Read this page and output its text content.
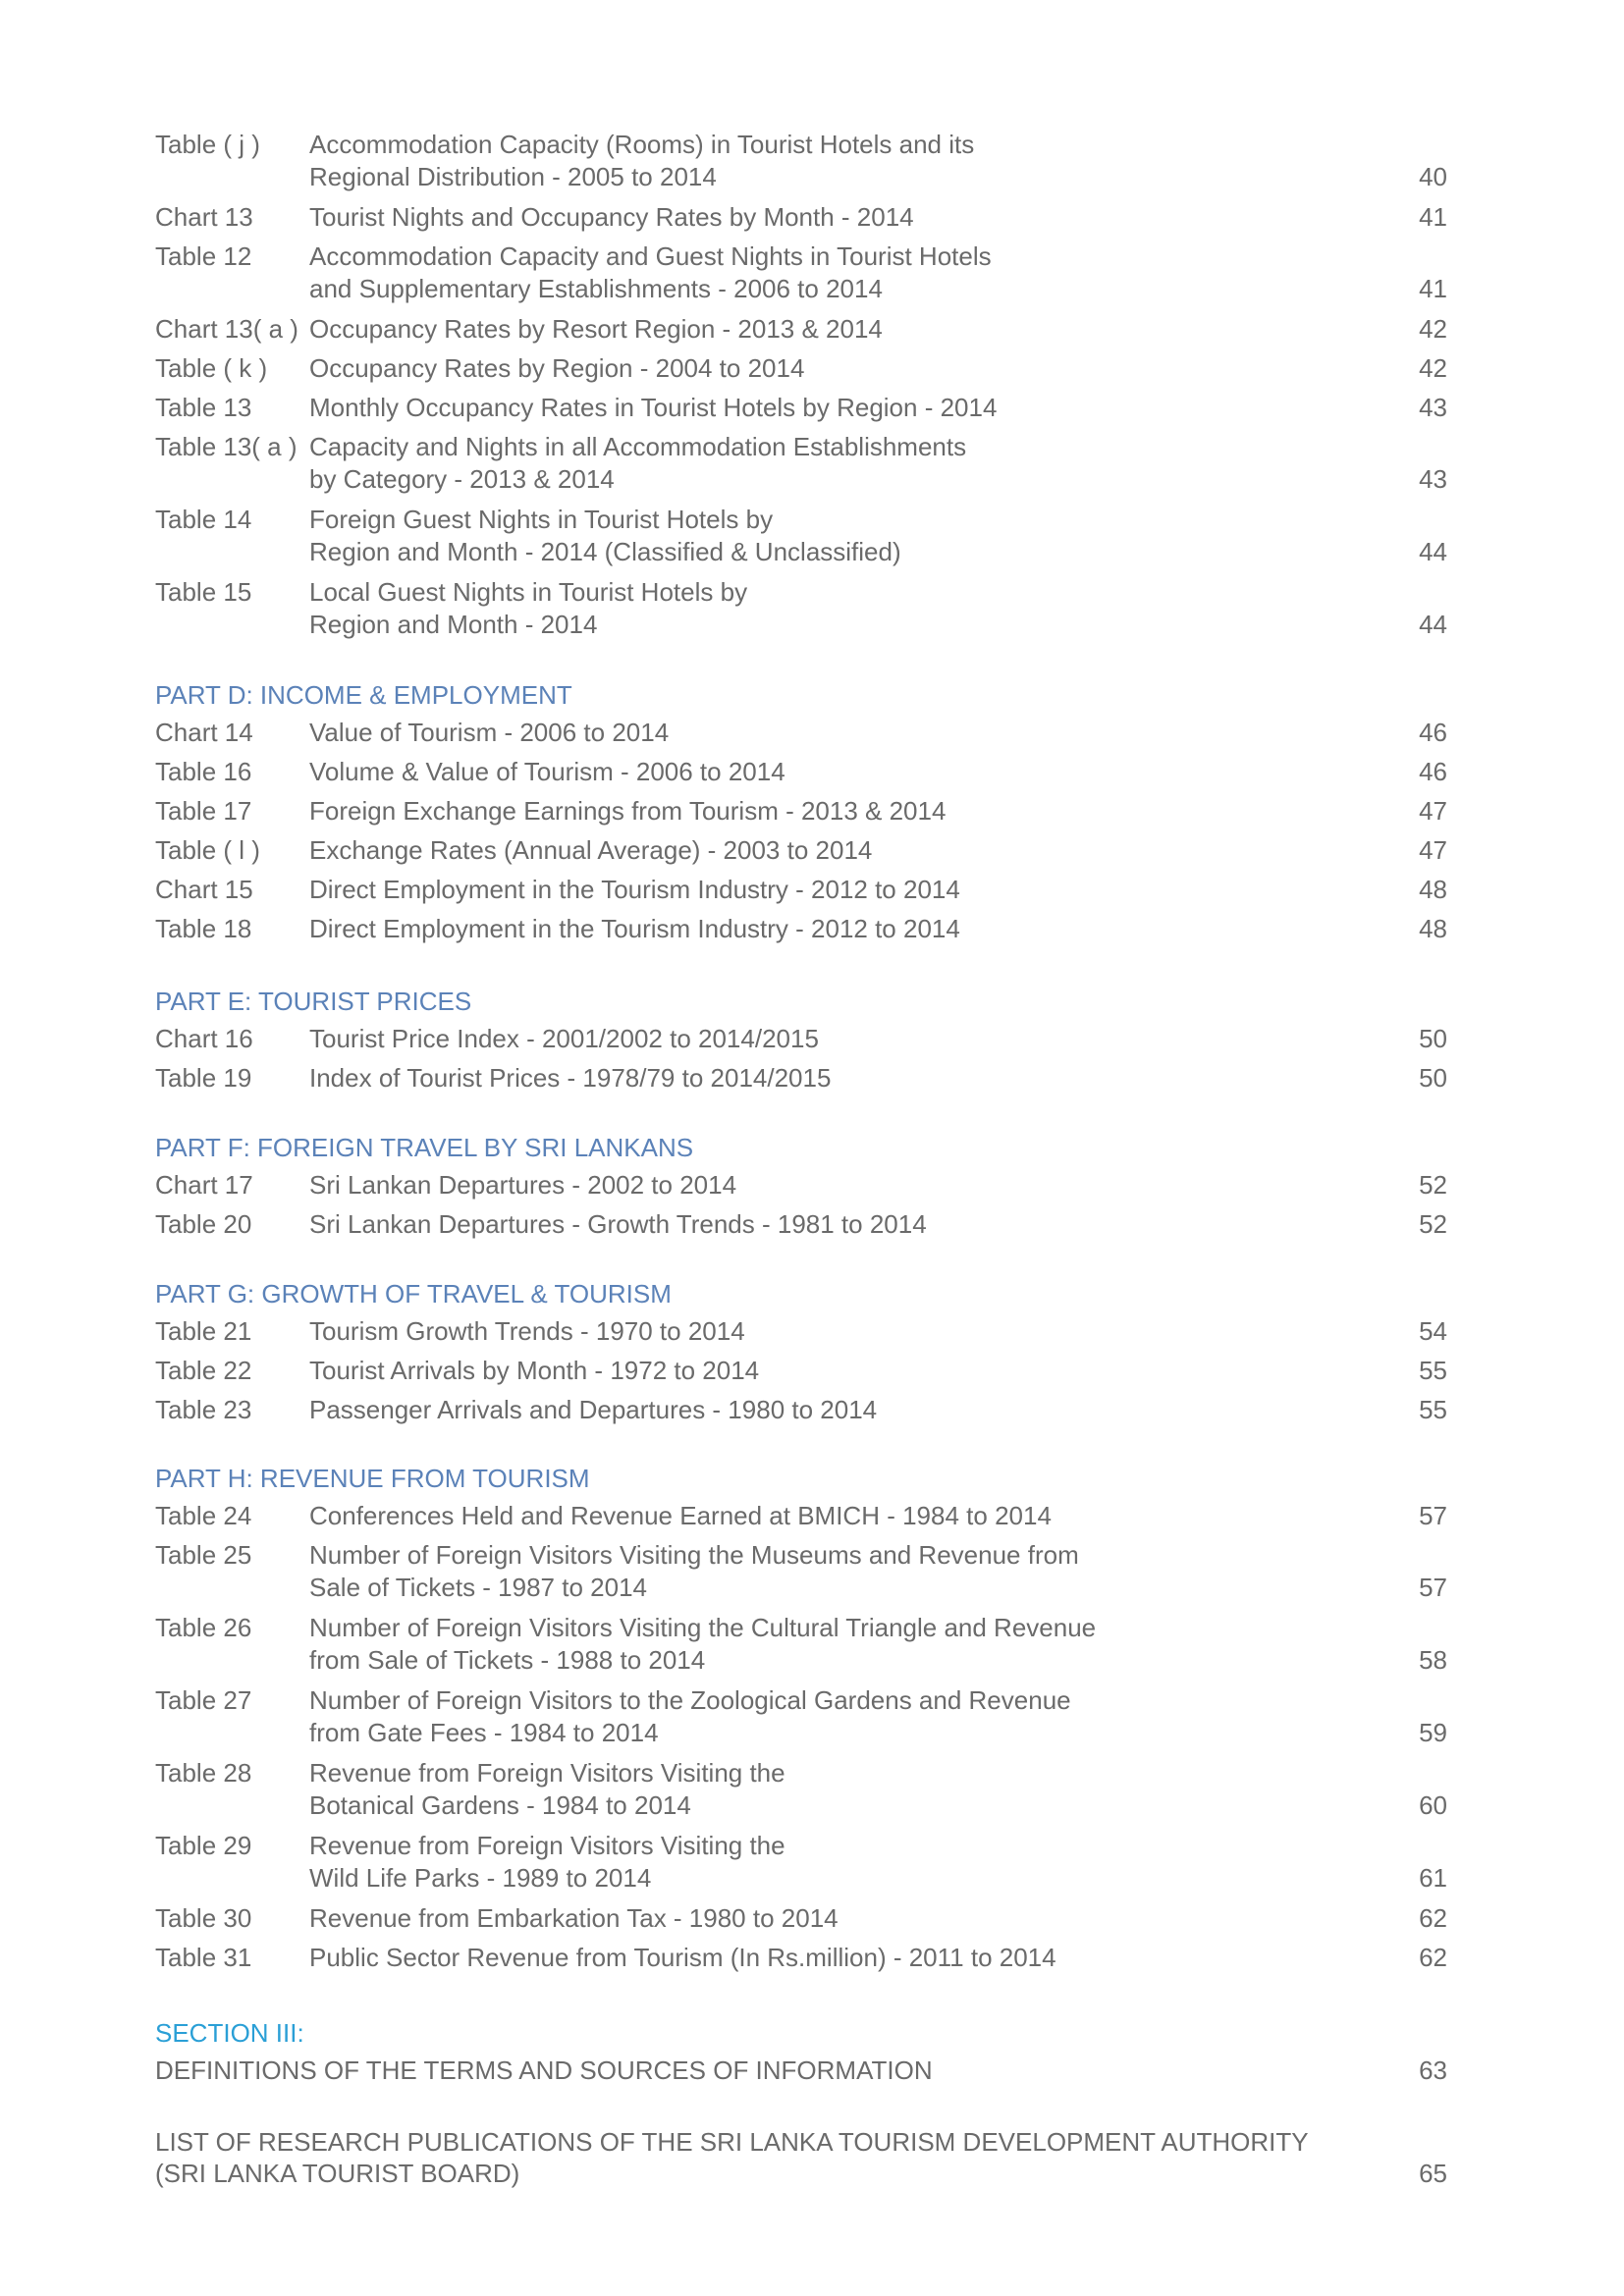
Table ( j ) Accommodation Capacity (Rooms) in Tourist Hotels and its
Regional Distribution - 2005 to 2014	40
Chart 13 Tourist Nights and Occupancy Rates by Month - 2014	41
Table 12 Accommodation Capacity and Guest Nights in Tourist Hotels
and Supplementary Establishments - 2006 to 2014	41
Chart 13( a ) Occupancy Rates by Resort Region - 2013 & 2014	42
Table ( k ) Occupancy Rates by Region - 2004 to 2014	42
Table 13 Monthly Occupancy Rates in Tourist Hotels by Region - 2014	43
Table 13( a ) Capacity and Nights in all Accommodation Establishments
by Category - 2013 & 2014	43
Table 14 Foreign Guest Nights in Tourist Hotels by
Region and Month - 2014 (Classified & Unclassified)	44
Table 15 Local Guest Nights in Tourist Hotels by
Region and Month - 2014	44
PART D: INCOME & EMPLOYMENT
Chart 14 Value of Tourism - 2006 to 2014	46
Table 16 Volume & Value of Tourism - 2006 to 2014	46
Table 17 Foreign Exchange Earnings from Tourism - 2013 & 2014	47
Table ( l ) Exchange Rates (Annual Average) - 2003 to 2014	47
Chart 15 Direct Employment in the Tourism Industry - 2012 to 2014	48
Table 18 Direct Employment in the Tourism Industry - 2012 to 2014	48
PART E: TOURIST PRICES
Chart 16 Tourist Price Index - 2001/2002 to 2014/2015	50
Table 19 Index of Tourist Prices - 1978/79 to 2014/2015	50
PART F: FOREIGN TRAVEL BY SRI LANKANS
Chart 17 Sri Lankan Departures - 2002 to 2014	52
Table 20 Sri Lankan Departures - Growth Trends - 1981 to 2014	52
PART G: GROWTH OF TRAVEL & TOURISM
Table 21 Tourism Growth Trends - 1970 to 2014	54
Table 22 Tourist Arrivals by Month - 1972 to 2014	55
Table 23 Passenger Arrivals and Departures - 1980 to 2014	55
PART H: REVENUE FROM TOURISM
Table 24 Conferences Held and Revenue Earned at BMICH - 1984 to 2014	57
Table 25 Number of Foreign Visitors Visiting the Museums and Revenue from
Sale of Tickets - 1987 to 2014	57
Table 26 Number of Foreign Visitors Visiting the Cultural Triangle and Revenue
from Sale of Tickets - 1988 to 2014	58
Table 27 Number of Foreign Visitors to the Zoological Gardens and Revenue
from Gate Fees - 1984 to 2014	59
Table 28 Revenue from Foreign Visitors Visiting the
Botanical Gardens - 1984 to 2014	60
Table 29 Revenue from Foreign Visitors Visiting the
Wild Life Parks - 1989 to 2014	61
Table 30 Revenue from Embarkation Tax - 1980 to 2014	62
Table 31 Public Sector Revenue from Tourism (In Rs.million) - 2011 to 2014	62
SECTION III:
DEFINITIONS OF THE TERMS AND SOURCES OF INFORMATION	63
LIST OF RESEARCH PUBLICATIONS OF THE SRI LANKA TOURISM DEVELOPMENT AUTHORITY
(SRI LANKA TOURIST BOARD)	65
